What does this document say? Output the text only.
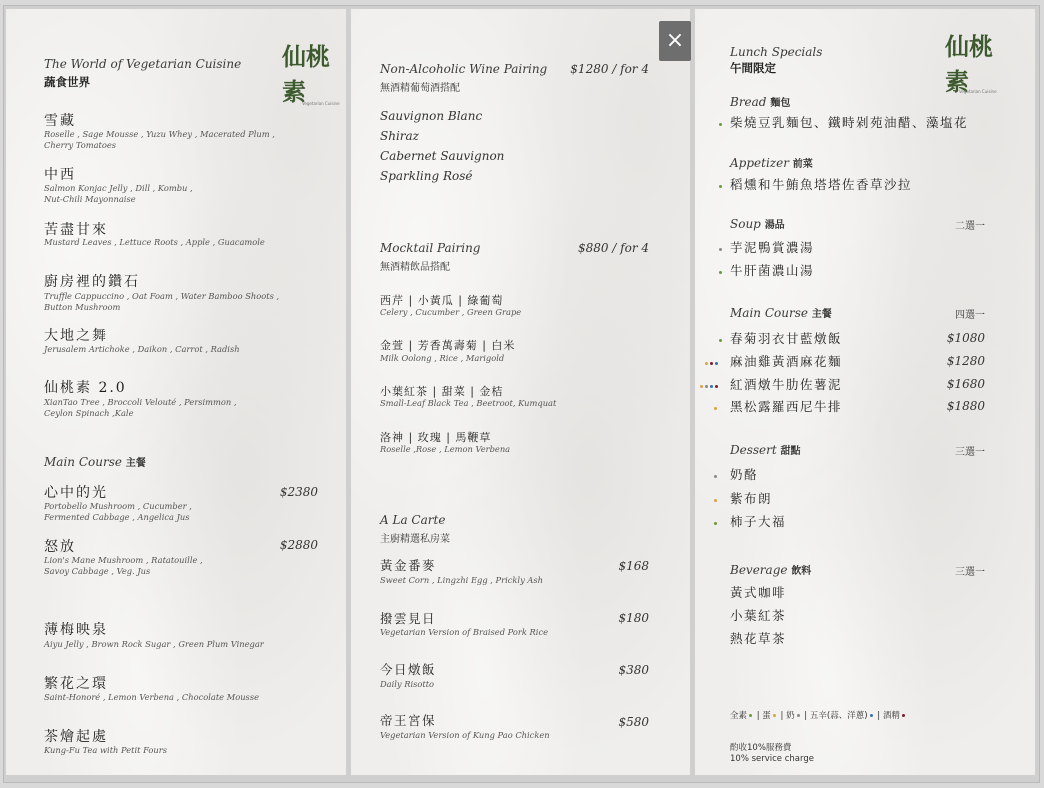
The World of Vegetarian Cuisine
蔬食世界
仙桃素
Vegetarian Cuisine
雪藏
Roselle , Sage Mousse , Yuzu Whey , Macerated Plum ,
Cherry Tomatoes
中西
Salmon Konjac Jelly , Dill , Kombu ,
Nut-Chili Mayonnaise
苦盡甘來
Mustard Leaves , Lettuce Roots , Apple , Guacamole
廚房裡的鑽石
Truffle Cappuccino , Oat Foam , Water Bamboo Shoots ,
Button Mushroom
大地之舞
Jerusalem Artichoke , Daikon , Carrot , Radish
仙桃素 2.0
XianTao Tree , Broccoli Velouté , Persimmon ,
Ceylon Spinach ,Kale
Main Course 主餐
心中的光	$2380
Portobello Mushroom , Cucumber ,
Fermented Cabbage , Angelica Jus
怒放	$2880
Lion's Mane Mushroom , Ratatouille ,
Savoy Cabbage , Veg. Jus
薄梅映泉
Aiyu Jelly , Brown Rock Sugar , Green Plum Vinegar
繁花之環
Saint-Honoré , Lemon Verbena , Chocolate Mousse
茶燴起處
Kung-Fu Tea with Petit Fours
Non-Alcoholic Wine Pairing	$1280 / for 4
無酒精葡萄酒搭配
Sauvignon Blanc
Shiraz
Cabernet Sauvignon
Sparkling Rosé
Mocktail Pairing	$880 / for 4
無酒精飲品搭配
西芹 | 小黃瓜 | 綠葡萄
Celery , Cucumber , Green Grape
金萱 | 芳香萬壽菊 | 白米
Milk Oolong , Rice , Marigold
小葉紅茶 | 甜菜 | 金桔
Small-Leaf Black Tea , Beetroot, Kumquat
洛神 | 玫瑰 | 馬鞭草
Roselle ,Rose , Lemon Verbena
A La Carte
主廚精選私房菜
黃金番麥	$168
Sweet Corn , Lingzhi Egg , Prickly Ash
撥雲見日	$180
Vegetarian Version of Braised Pork Rice
今日燉飯	$380
Daily Risotto
帝王宮保	$580
Vegetarian Version of Kung Pao Chicken
Lunch Specials
午間限定
仙桃素
Vegetarian Cuisine
Bread 麵包
柴燒豆乳麵包、鐵畤剁苑油醋、藻塩花
Appetizer 前菜
稻燻和牛鮪魚塔塔佐香草沙拉
Soup 湯品	二選一
芋泥鴨賞濃湯
牛肝菌濃山湯
Main Course 主餐	四選一
春菊羽衣甘藍燉飯	$1080
麻油雞黃酒麻花麵	$1280
紅酒燉牛肋佐薯泥	$1680
黑松露羅西尼牛排	$1880
Dessert 甜點	三選一
奶酪
紫布朗
柿子大福
Beverage 飲料	三選一
黃式咖啡
小葉紅茶
熱花草茶
全素 | 蛋 | 奶 | 五辛(蒜、洋蔥) | 酒精
酌收10%服務費
10% service charge
×
